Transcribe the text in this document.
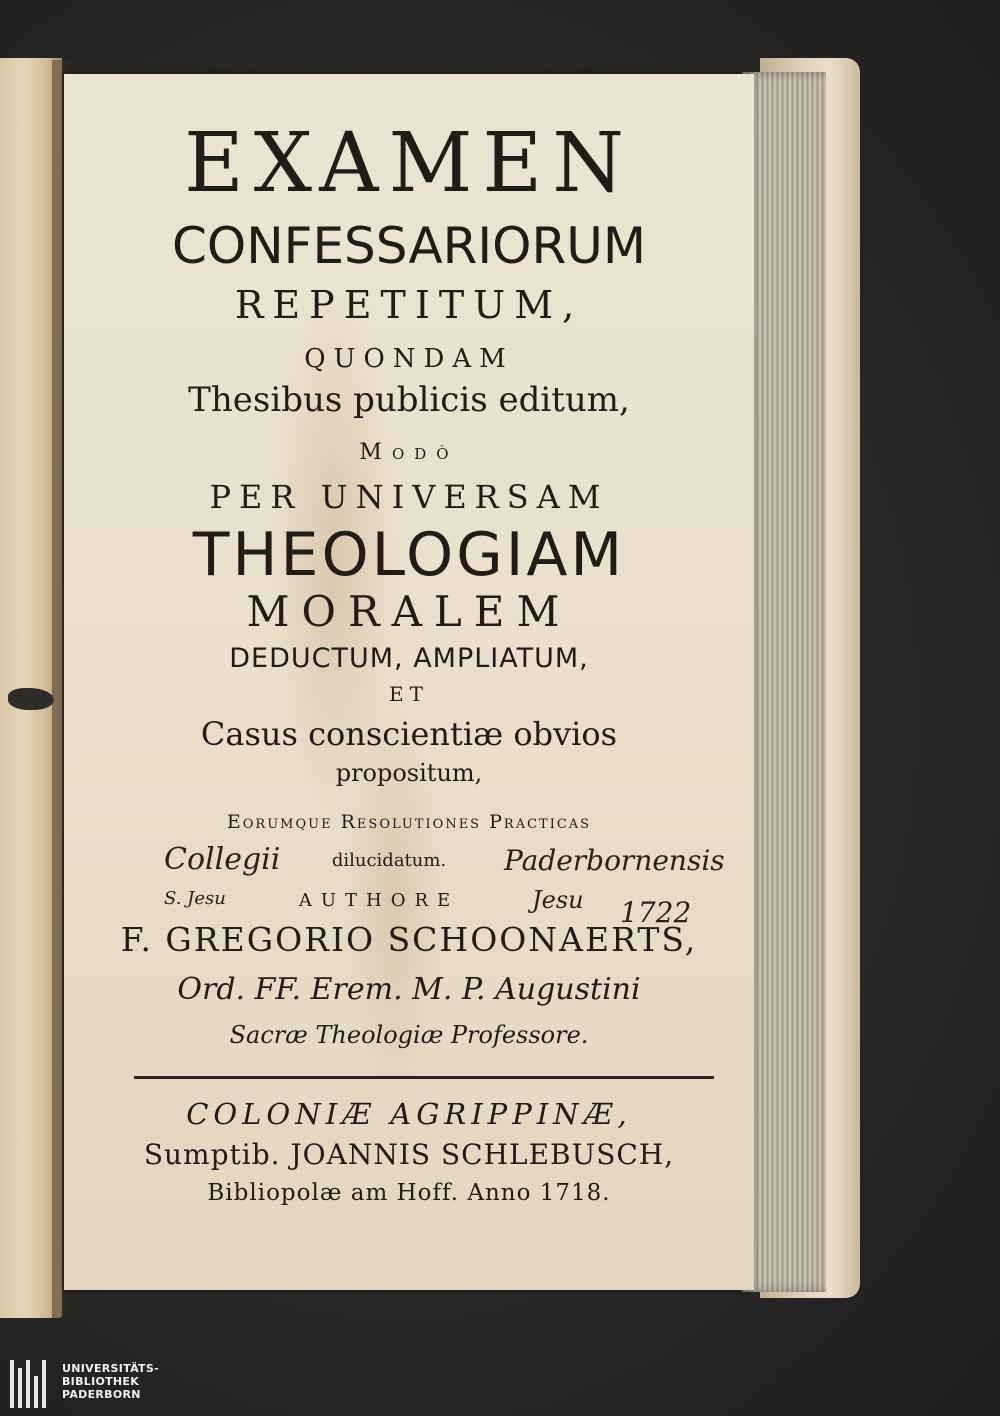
EXAMEN
CONFESSARIORUM
REPETITUM,
QUONDAM
Thesibus publicis editum,
Modò
PER UNIVERSAM
THEOLOGIAM
MORALEM
DEDUCTUM, AMPLIATUM,
ET
Casus conscientiæ obvios
propositum,
Eorumque Resolutiones Practicas
dilucidatum.
AUTHORE
F. GREGORIO SCHOONAERTS,
Ord. FF. Erem. M. P. Augustini
Sacræ Theologiæ Professore.
COLONIÆ AGRIPPINÆ,
Sumptib. JOANNIS SCHLEBUSCH,
Bibliopolæ am Hoff. Anno 1718.
Collegii	Paderbornensis
S. Jesu	Jesu 1722
UNIVERSITÄTS-
BIBLIOTHEK
PADERBORN
